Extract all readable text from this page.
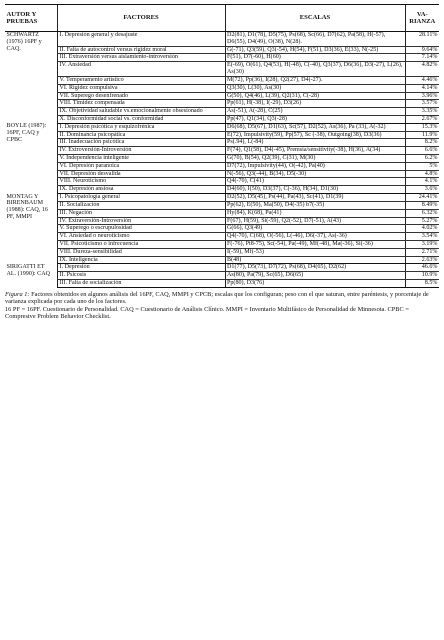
AUTOR Y PRUEBAS	FACTORES	ESCALAS	VA-RIANZA
SCHWARTZ (1976) 16PF y CAQ.	I. Depresión general y desajuste	D2(81), D1(78), D5(75), Ps(68), Sc(66), D7(62), Pa(58), H(-57), D6(55), D4(49), O(38), N(28).	28.11%
	II. Falta de autocontrol versus rigidez moral	G(-71), Q3(59), Q3(-54), H(54), F(51), D3(36), E(33), N(-25)	9.64%
	III. Extraversión versus aislamiento-introversión	F(51), D7(-60), H(60)	7.14%
	IV. Ansiedad	E(-69), O(61), Q4(53), H(-48), C(-40), Q3(37), D6(36), D3(-27), L(26), As(30)	4.82%
	V. Temperamento artístico	M(72), Pp(36), I(28), Q2(27), D4(-27).	4.46%
	VI. Rigidez compulsiva	Q3(30), L(30), As(30)	4.14%
	VII. Superego desenfrenado	G(50), Q4(46), L(39), Q2(31), C(-28)	3.96%
	VIII. Timidez compensada	Pp(61), H(-38), I(-29), D3(26)	3.57%
	IX. Objetividad saludable vs.emocionalmente obsesionado	As(-51), A(-28), C(25)	3.35%
	X. Disconformidad social vs. conformidad	Pp(47), Q1(34), Q3(-28)	2.67%
BOYLE (1987): 16PF, CAQ y CPBC	I. Depresión psicótica y esquizofrénica	D6(68), D5(67), D1(63), Sc(57), D2(52), As(36), Pa (33), A(-32)	15.3%
	II. Dominancia psicopática	E(72), Impulsivity(59), Pp(57), Sc (-38), Outgoing(38), D3(36)	11.9%
	III. Inadecuación psicótica	Ps(.94), L(-84)	8.2%
	IV. Extroversión-Introversión	F(74), Q1(58), D4(-45), Premsia/sensitivity(-38), H(36), A(34)	6.6%
	V. Independencia inteligente	G(70), B(54), Q2(39), C(31), M(30)	6.2%
	VI. Depresión paranoica	D7(72), Impulsivity(44), O(-42), Pa(40)	5%
	VII. Depresión desvalida	N(-56), Q3(-44), B(34), D5(-30)	4.8%
	VIII. Neuroticismo	Q4(-70), C(41)	4.1%
	IX. Depresión ansiosa	D4(60), I(50), D3(37), C(-36), H(34), D1(30)	3.6%
MONTAG Y BIRENBAUM (1988): CAQ, 16 PF, MMPI	I. Psicopatología general	D2(52), D5(45), Ps(44), Pa(43), Sc(41), D1(39)	24.41%
	II. Socialización	Pp(62), E(50), Ma(50), D4(-35) b7(-35)	8.49%
	III. Negación	Hy(84), K(68), Pa(41)	6.32%
	IV. Extraversión-Introversión	F(67), H(59), Si(-59), Q2(-52), D7(-51), A(43)	5.27%
	V. Superego o escrupulosidad	G(66), Q3(49)	4.02%
	VI. Ansiedad o neuroticismo	Q4(-70), C(68), O(-56), L(-46), D6(-37), As(-36)	3.54%
	VII. Psicoticismo o infrecuencia	F(-76), Pt8-75), Sc(-54), Pa(-49), Mf(-48), Ma(-36), Si(-36)	3.19%
	VIII. Dureza-sensibilidad	I(-59), Mf(-53)	2.71%
	IX. Inteligencia	B(48)	2.63%
SIRIGATTI ET AL. (1990): CAQ	I. Depresión	D1(77), D5(73), D7(72), Ps(68), D4(65), D2(62)	46.6%
	II. Psicosis	As(80), Pa(79), Sc(65), D6(65)	10.9%
	III. Falta de socialización	Pp(80), D3(76)	8.5%
Figura 1: Factores obtenidos en algunos análisis del 16PF, CAQ, MMPI y CPCB; escalas que los configuran; peso con el que saturan, entre paréntesis, y porcentaje de varianza explicada por cada uno de los factores.
16 PF = 16PF. Cuestionario de Personalidad. CAQ = Cuestionario de Análisis Clínico. MMPI = Inventario Multifásico de Personalidad de Minnesota. CPBC = Compresive Problem Behavior Checklist.
